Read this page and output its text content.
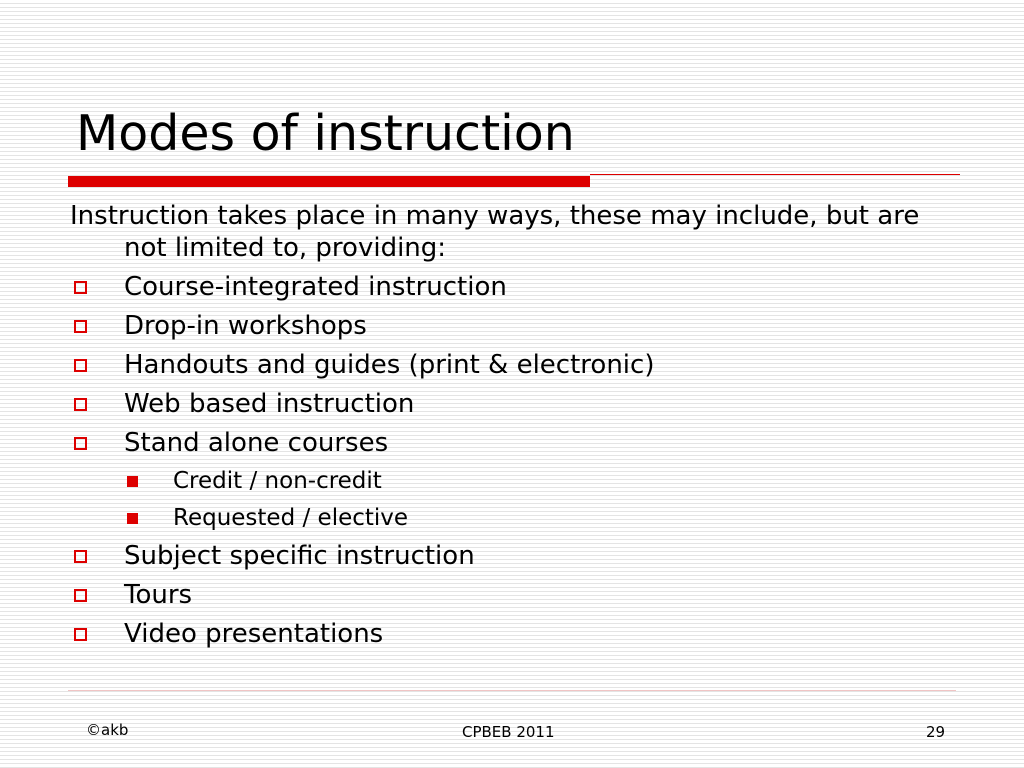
Modes of instruction
Instruction takes place in many ways, these may include, but are not limited to, providing:
Course-integrated instruction
Drop-in workshops
Handouts and guides (print & electronic)
Web based instruction
Stand alone courses
Credit / non-credit
Requested / elective
Subject specific instruction
Tours
Video presentations
©akb	CPBEB 2011	29
